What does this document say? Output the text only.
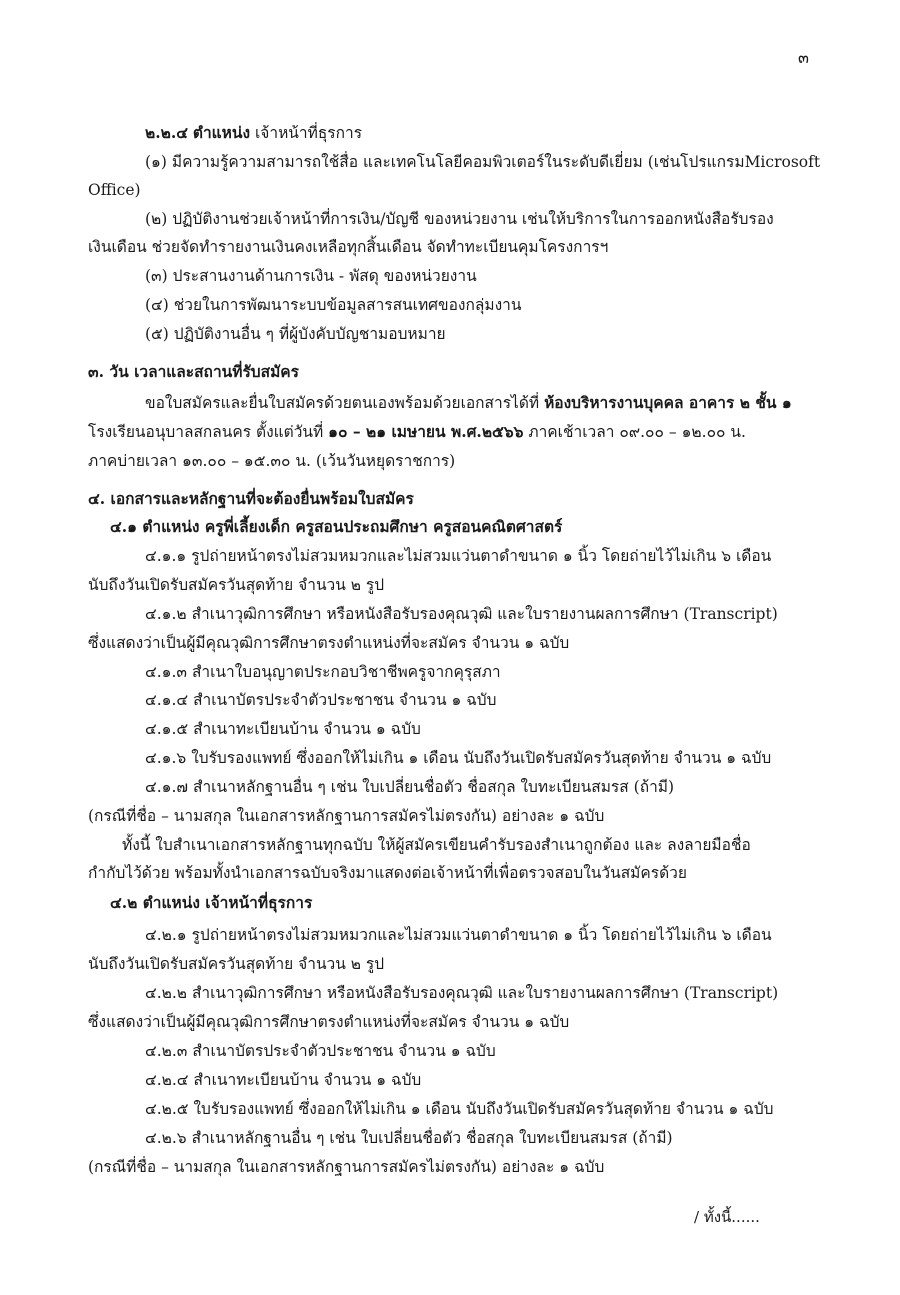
๓
๒.๒.๔ ตำแหน่ง เจ้าหน้าที่ธุรการ
(๑) มีความรู้ความสามารถใช้สื่อ และเทคโนโลยีคอมพิวเตอร์ในระดับดีเยี่ยม (เช่นโปรแกรมMicrosoft
Office)
(๒) ปฏิบัติงานช่วยเจ้าหน้าที่การเงิน/บัญชี ของหน่วยงาน เช่นให้บริการในการออกหนังสือรับรอง
เงินเดือน ช่วยจัดทำรายงานเงินคงเหลือทุกสิ้นเดือน จัดทำทะเบียนคุมโครงการฯ
(๓) ประสานงานด้านการเงิน - พัสดุ ของหน่วยงาน
(๔) ช่วยในการพัฒนาระบบข้อมูลสารสนเทศของกลุ่มงาน
(๕) ปฏิบัติงานอื่น ๆ ที่ผู้บังคับบัญชามอบหมาย
๓. วัน เวลาและสถานที่รับสมัคร
ขอใบสมัครและยื่นใบสมัครด้วยตนเองพร้อมด้วยเอกสารได้ที่ ห้องบริหารงานบุคคล อาคาร ๒ ชั้น ๑
โรงเรียนอนุบาลสกลนคร ตั้งแต่วันที่ ๑๐ – ๒๑ เมษายน พ.ศ.๒๕๖๖ ภาคเช้าเวลา ๐๙.๐๐ – ๑๒.๐๐ น.
ภาคบ่ายเวลา ๑๓.๐๐ – ๑๕.๓๐ น. (เว้นวันหยุดราชการ)
๔. เอกสารและหลักฐานที่จะต้องยื่นพร้อมใบสมัคร
๔.๑ ตำแหน่ง ครูพี่เลี้ยงเด็ก ครูสอนประถมศึกษา ครูสอนคณิตศาสตร์
๔.๑.๑ รูปถ่ายหน้าตรงไม่สวมหมวกและไม่สวมแว่นตาดำขนาด ๑ นิ้ว โดยถ่ายไว้ไม่เกิน ๖ เดือน
นับถึงวันเปิดรับสมัครวันสุดท้าย จำนวน ๒ รูป
๔.๑.๒ สำเนาวุฒิการศึกษา หรือหนังสือรับรองคุณวุฒิ และใบรายงานผลการศึกษา (Transcript)
ซึ่งแสดงว่าเป็นผู้มีคุณวุฒิการศึกษาตรงตำแหน่งที่จะสมัคร จำนวน ๑ ฉบับ
๔.๑.๓ สำเนาใบอนุญาตประกอบวิชาชีพครูจากคุรุสภา
๔.๑.๔ สำเนาบัตรประจำตัวประชาชน จำนวน ๑ ฉบับ
๔.๑.๕ สำเนาทะเบียนบ้าน จำนวน ๑ ฉบับ
๔.๑.๖ ใบรับรองแพทย์ ซึ่งออกให้ไม่เกิน ๑ เดือน นับถึงวันเปิดรับสมัครวันสุดท้าย จำนวน ๑ ฉบับ
๔.๑.๗ สำเนาหลักฐานอื่น ๆ เช่น ใบเปลี่ยนชื่อตัว ชื่อสกุล ใบทะเบียนสมรส (ถ้ามี)
(กรณีที่ชื่อ – นามสกุล ในเอกสารหลักฐานการสมัครไม่ตรงกัน) อย่างละ ๑ ฉบับ
ทั้งนี้ ใบสำเนาเอกสารหลักฐานทุกฉบับ ให้ผู้สมัครเขียนคำรับรองสำเนาถูกต้อง และ ลงลายมือชื่อ
กำกับไว้ด้วย พร้อมทั้งนำเอกสารฉบับจริงมาแสดงต่อเจ้าหน้าที่เพื่อตรวจสอบในวันสมัครด้วย
๔.๒ ตำแหน่ง เจ้าหน้าที่ธุรการ
๔.๒.๑ รูปถ่ายหน้าตรงไม่สวมหมวกและไม่สวมแว่นตาดำขนาด ๑ นิ้ว โดยถ่ายไว้ไม่เกิน ๖ เดือน
นับถึงวันเปิดรับสมัครวันสุดท้าย จำนวน ๒ รูป
๔.๒.๒ สำเนาวุฒิการศึกษา หรือหนังสือรับรองคุณวุฒิ และใบรายงานผลการศึกษา (Transcript)
ซึ่งแสดงว่าเป็นผู้มีคุณวุฒิการศึกษาตรงตำแหน่งที่จะสมัคร จำนวน ๑ ฉบับ
๔.๒.๓ สำเนาบัตรประจำตัวประชาชน จำนวน ๑ ฉบับ
๔.๒.๔ สำเนาทะเบียนบ้าน จำนวน ๑ ฉบับ
๔.๒.๕ ใบรับรองแพทย์ ซึ่งออกให้ไม่เกิน ๑ เดือน นับถึงวันเปิดรับสมัครวันสุดท้าย จำนวน ๑ ฉบับ
๔.๒.๖ สำเนาหลักฐานอื่น ๆ เช่น ใบเปลี่ยนชื่อตัว ชื่อสกุล ใบทะเบียนสมรส (ถ้ามี)
(กรณีที่ชื่อ – นามสกุล ในเอกสารหลักฐานการสมัครไม่ตรงกัน) อย่างละ ๑ ฉบับ
/ ทั้งนี้......
